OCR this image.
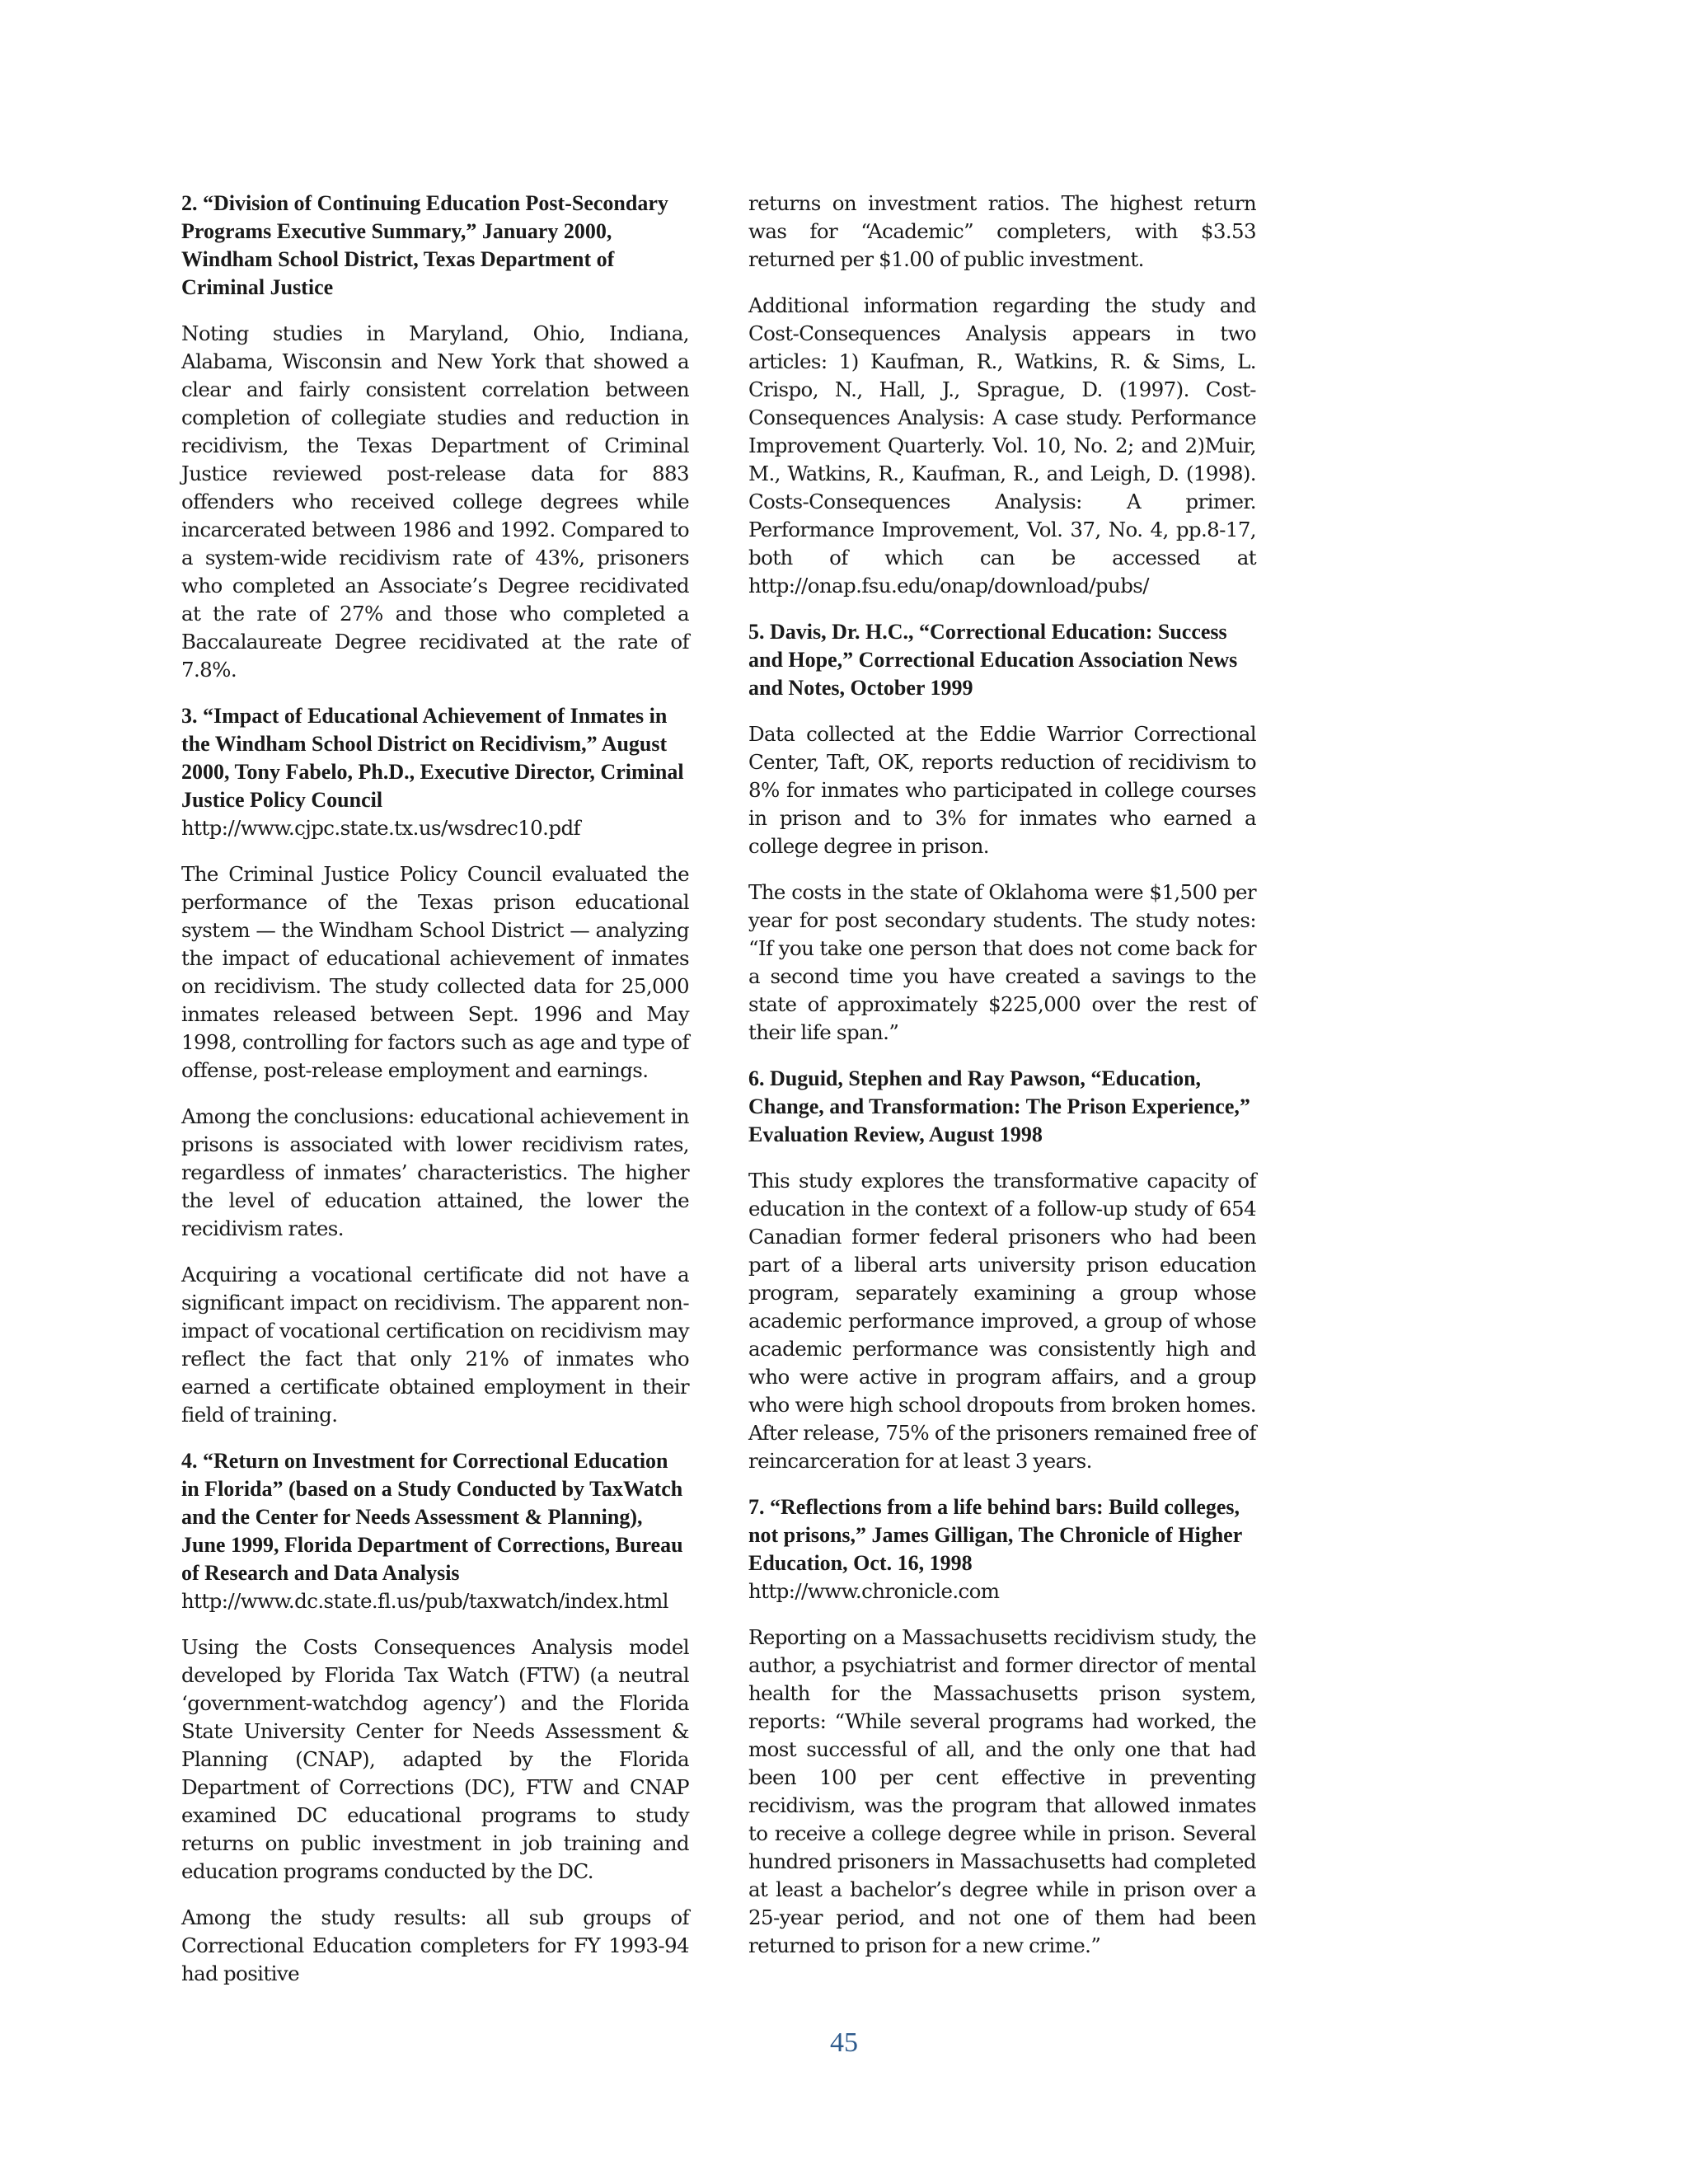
2. “Division of Continuing Education Post-Secondary Programs Executive Summary,” January 2000, Windham School District, Texas Department of Criminal Justice

Noting studies in Maryland, Ohio, Indiana, Alabama, Wisconsin and New York that showed a clear and fairly consistent correlation between completion of collegiate studies and reduction in recidivism, the Texas Department of Criminal Justice reviewed post-release data for 883 offenders who received college degrees while incarcerated between 1986 and 1992. Compared to a system-wide recidivism rate of 43%, prisoners who completed an Associate’s Degree recidivated at the rate of 27% and those who completed a Baccalaureate Degree recidivated at the rate of 7.8%.

3. “Impact of Educational Achievement of Inmates in the Windham School District on Recidivism,” August 2000, Tony Fabelo, Ph.D., Executive Director, Criminal Justice Policy Council
http://www.cjpc.state.tx.us/wsdrec10.pdf

The Criminal Justice Policy Council evaluated the performance of the Texas prison educational system — the Windham School District — analyzing the impact of educational achievement of inmates on recidivism. The study collected data for 25,000 inmates released between Sept. 1996 and May 1998, controlling for factors such as age and type of offense, post-release employment and earnings.

Among the conclusions: educational achievement in prisons is associated with lower recidivism rates, regardless of inmates’ characteristics. The higher the level of education attained, the lower the recidivism rates.

Acquiring a vocational certificate did not have a significant impact on recidivism. The apparent non-impact of vocational certification on recidivism may reflect the fact that only 21% of inmates who earned a certificate obtained employment in their field of training.

4. “Return on Investment for Correctional Education in Florida” (based on a Study Conducted by TaxWatch and the Center for Needs Assessment & Planning), June 1999, Florida Department of Corrections, Bureau of Research and Data Analysis
http://www.dc.state.fl.us/pub/taxwatch/index.html

Using the Costs Consequences Analysis model developed by Florida Tax Watch (FTW) (a neutral ‘government-watchdog agency’) and the Florida State University Center for Needs Assessment & Planning (CNAP), adapted by the Florida Department of Corrections (DC), FTW and CNAP examined DC educational programs to study returns on public investment in job training and education programs conducted by the DC.

Among the study results: all sub groups of Correctional Education completers for FY 1993-94 had positive

returns on investment ratios. The highest return was for “Academic” completers, with $3.53 returned per $1.00 of public investment.

Additional information regarding the study and Cost-Consequences Analysis appears in two articles: 1) Kaufman, R., Watkins, R. & Sims, L. Crispo, N., Hall, J., Sprague, D. (1997). Cost-Consequences Analysis: A case study. Performance Improvement Quarterly. Vol. 10, No. 2; and 2)Muir, M., Watkins, R., Kaufman, R., and Leigh, D. (1998). Costs-Consequences Analysis: A primer. Performance Improvement, Vol. 37, No. 4, pp.8-17, both of which can be accessed at http://onap.fsu.edu/onap/download/pubs/

5. Davis, Dr. H.C., “Correctional Education: Success and Hope,” Correctional Education Association News and Notes, October 1999

Data collected at the Eddie Warrior Correctional Center, Taft, OK, reports reduction of recidivism to 8% for inmates who participated in college courses in prison and to 3% for inmates who earned a college degree in prison.

The costs in the state of Oklahoma were $1,500 per year for post secondary students. The study notes: “If you take one person that does not come back for a second time you have created a savings to the state of approximately $225,000 over the rest of their life span.”

6. Duguid, Stephen and Ray Pawson, “Education, Change, and Transformation: The Prison Experience,” Evaluation Review, August 1998

This study explores the transformative capacity of education in the context of a follow-up study of 654 Canadian former federal prisoners who had been part of a liberal arts university prison education program, separately examining a group whose academic performance improved, a group of whose academic performance was consistently high and who were active in program affairs, and a group who were high school dropouts from broken homes. After release, 75% of the prisoners remained free of reincarceration for at least 3 years.

7. “Reflections from a life behind bars: Build colleges, not prisons,” James Gilligan, The Chronicle of Higher Education, Oct. 16, 1998
http://www.chronicle.com

Reporting on a Massachusetts recidivism study, the author, a psychiatrist and former director of mental health for the Massachusetts prison system, reports: “While several programs had worked, the most successful of all, and the only one that had been 100 per cent effective in preventing recidivism, was the program that allowed inmates to receive a college degree while in prison. Several hundred prisoners in Massachusetts had completed at least a bachelor’s degree while in prison over a 25-year period, and not one of them had been returned to prison for a new crime.”

45
